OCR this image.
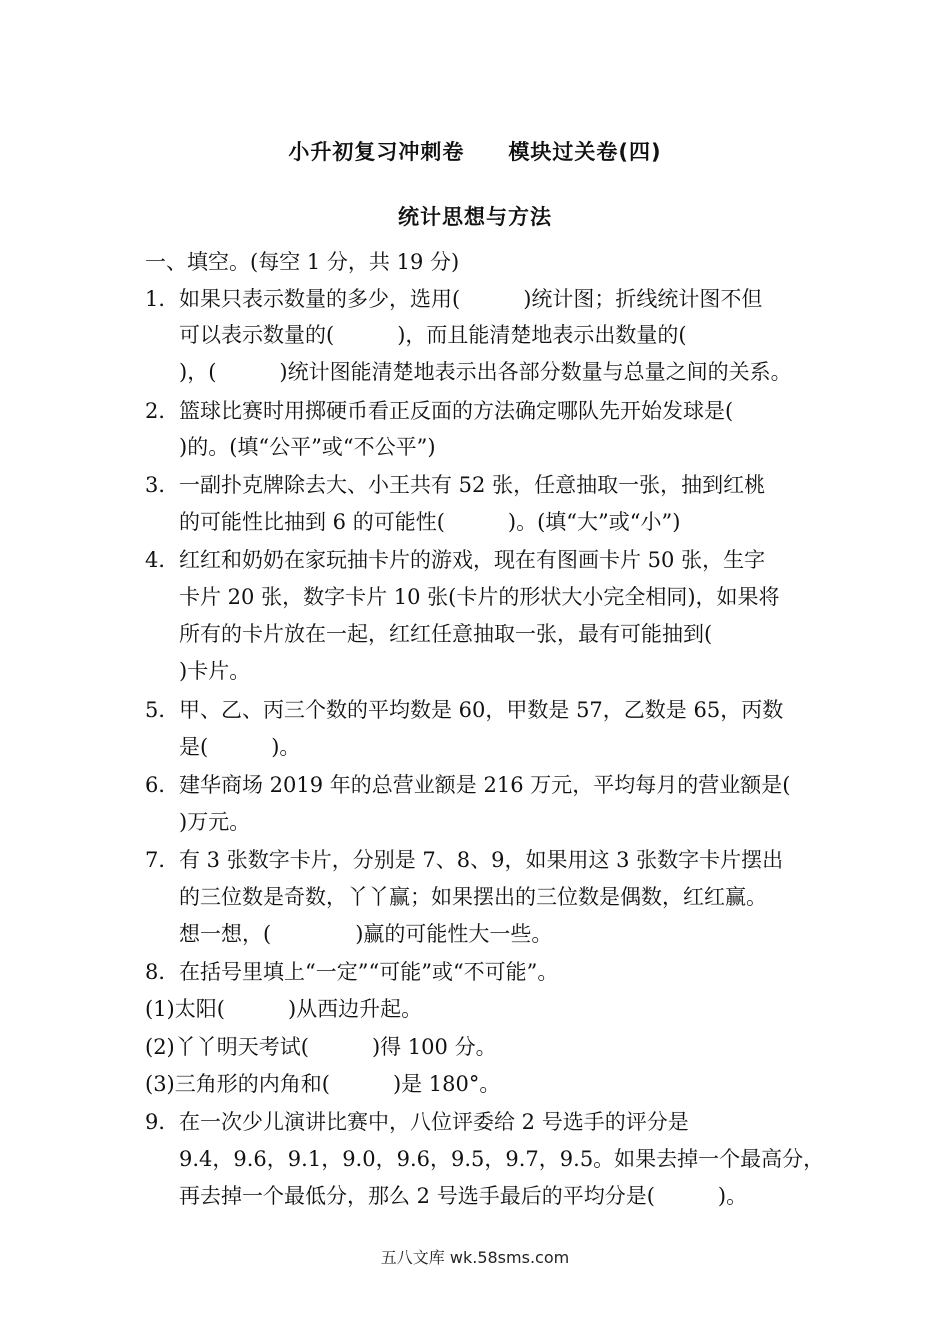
小升初复习冲刺卷　　模块过关卷(四)
统计思想与方法

一、填空。(每空 1 分，共 19 分)

1．如果只表示数量的多少，选用(　　　)统计图；折线统计图不但

可以表示数量的(　　　)，而且能清楚地表示出数量的(

)，(　　　)统计图能清楚地表示出各部分数量与总量之间的关系。

2．篮球比赛时用掷硬币看正反面的方法确定哪队先开始发球是(

)的。(填“公平”或“不公平”)

3．一副扑克牌除去大、小王共有 52 张，任意抽取一张，抽到红桃

的可能性比抽到 6 的可能性(　　　)。(填“大”或“小”)

4．红红和奶奶在家玩抽卡片的游戏，现在有图画卡片 50 张，生字

卡片 20 张，数字卡片 10 张(卡片的形状大小完全相同)，如果将

所有的卡片放在一起，红红任意抽取一张，最有可能抽到(

)卡片。

5．甲、乙、丙三个数的平均数是 60，甲数是 57，乙数是 65，丙数

是(　　　)。

6．建华商场 2019 年的总营业额是 216 万元，平均每月的营业额是(

)万元。

7．有 3 张数字卡片，分别是 7、8、9，如果用这 3 张数字卡片摆出

的三位数是奇数，丫丫赢；如果摆出的三位数是偶数，红红赢。

想一想，(　　　　)赢的可能性大一些。

8．在括号里填上“一定”“可能”或“不可能”。

(1)太阳(　　　)从西边升起。

(2)丫丫明天考试(　　　)得 100 分。

(3)三角形的内角和(　　　)是 180°。

9．在一次少儿演讲比赛中，八位评委给 2 号选手的评分是

9.4，9.6，9.1，9.0，9.6，9.5，9.7，9.5。如果去掉一个最高分，

再去掉一个最低分，那么 2 号选手最后的平均分是(　　　)。

五八文库 wk.58sms.com
